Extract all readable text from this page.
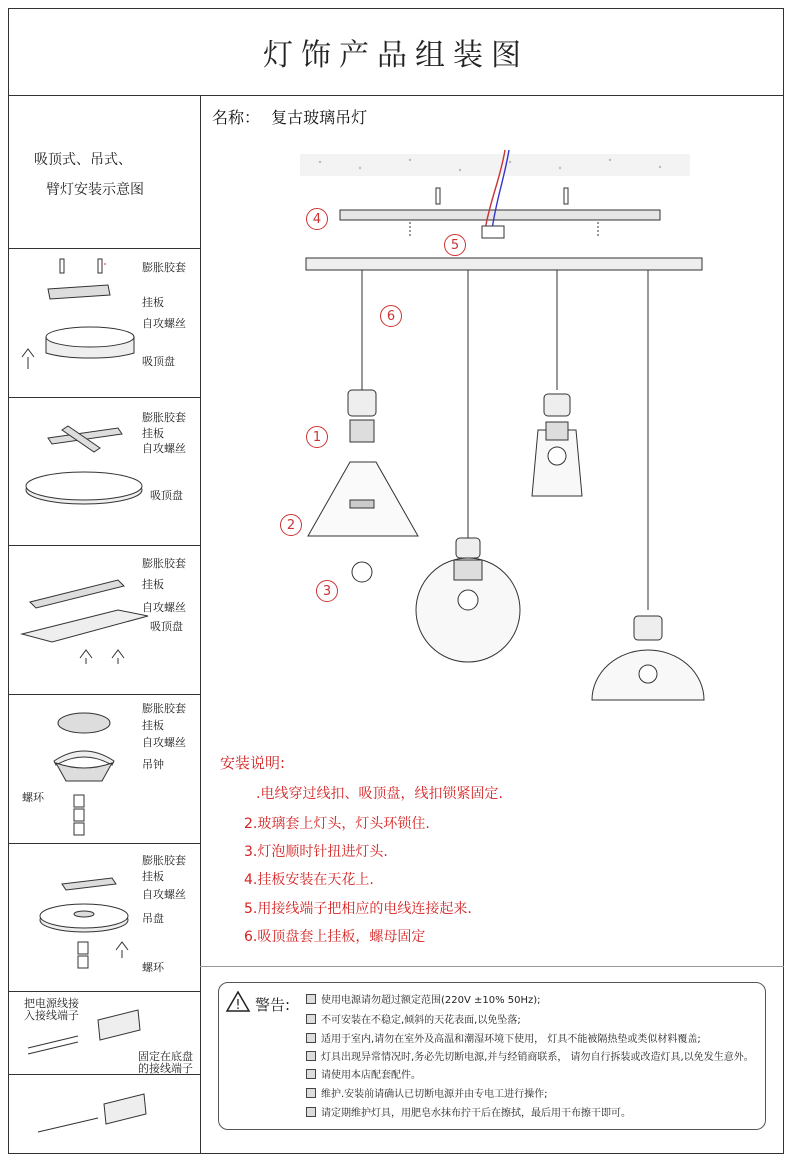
灯饰产品组装图
吸顶式、吊式、
臂灯安装示意图
膨胀胶套
挂板
自攻螺丝
吸顶盘
膨胀胶套
挂板
自攻螺丝
吸顶盘
膨胀胶套
挂板
自攻螺丝
吸顶盘
膨胀胶套
挂板
自攻螺丝
吊钟
螺环
膨胀胶套
挂板
自攻螺丝
吊盘
螺环
把电源线接
入接线端子
固定在底盘
的接线端子
名称： 复古玻璃吊灯
4
5
6
1
2
3
安装说明:
.电线穿过线扣、吸顶盘，线扣锁紧固定.
2.玻璃套上灯头，灯头环锁住.
3.灯泡顺时针扭进灯头.
4.挂板安装在天花上.
5.用接线端子把相应的电线连接起来.
6.吸顶盘套上挂板，螺母固定
! 警告:	使用电源请勿超过额定范围(220V ±10% 50Hz);
不可安装在不稳定,倾斜的天花表面,以免坠落;
适用于室内,请勿在室外及高温和潮湿环境下使用， 灯具不能被隔热垫或类似材料覆盖;
灯具出现异常情况时,务必先切断电源,并与经销商联系， 请勿自行拆装或改造灯具,以免发生意外。
请使用本店配套配件。
维护.安装前请确认已切断电源并由专电工进行操作;
请定期维护灯具，用肥皂水抹布拧干后在擦拭，最后用干布擦干即可。
